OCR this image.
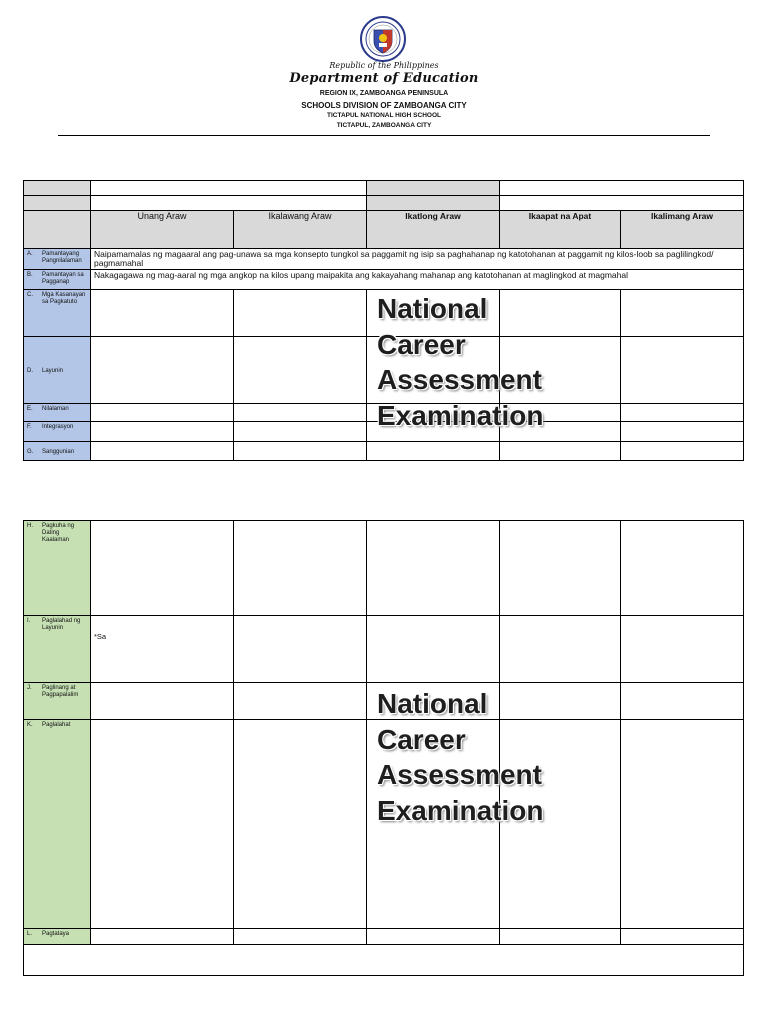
Republic of the Philippines
Department of Education
REGION IX, ZAMBOANGA PENINSULA
SCHOOLS DIVISION OF ZAMBOANGA CITY
TICTAPUL NATIONAL HIGH SCHOOL
TICTAPUL, ZAMBOANGA CITY

	Unang Araw	Ikalawang Araw	Ikatlong Araw	Ikaapat na Apat	Ikalimang Araw

A. Pamantayang Pangnilalaman	Naipamamalas ng magaaral ang pag-unawa sa mga konsepto tungkol sa paggamit ng isip sa paghahanap ng katotohanan at paggamit ng kilos-loob sa paglilingkod/ pagmamahal				

B. Pamantayan sa Pagganap	Nakagagawa ng mag-aaral ng mga angkop na kilos upang maipakita ang kakayahang mahanap ang katotohanan at maglingkod at magmahal				

C. Mga Kasanayan sa Pagkatuto					

D. Layunin					

E. Nilalaman					

F. Integrasyon					

G. Sanggunian					

National
Career
Assessment
Examination
H. Pagkuha ng Dating Kaalaman					

I. Paglalahad ng Layunin	*Sa				

J. Paglinang at Pagpapalalim					

K. Paglalahat					

L. Pagtataya					

National
Career
Assessment
Examination
